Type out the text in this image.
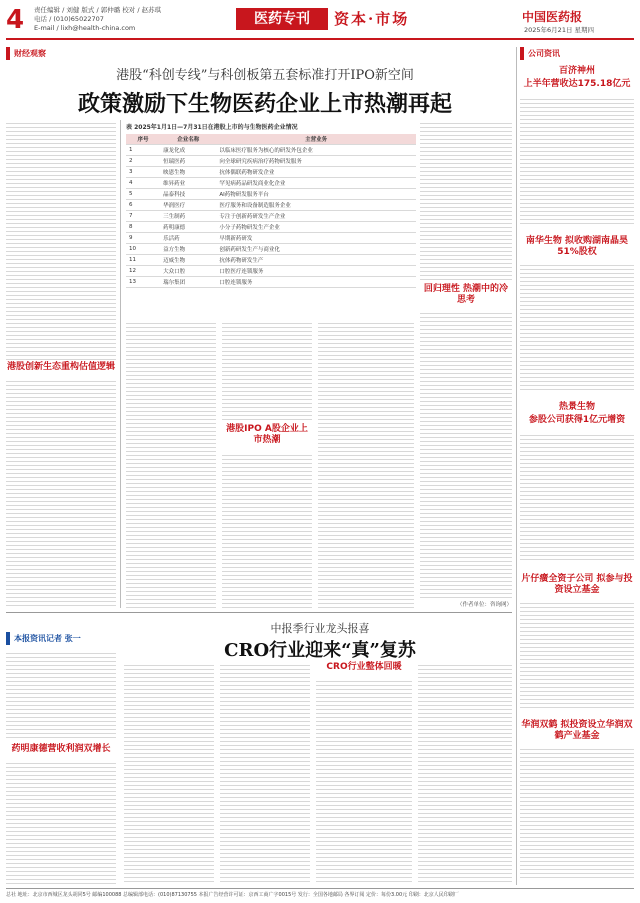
4 责任编辑 / 刘健 版式 / 郭仲璐 校对 / 赵苏琪
电话 / (010)65022707
E-mail / lixh@health-china.com
医药专刊	资本·市场	中国医药报
2025年6月21日 星期四
财经观察	公司资讯
港股“科创专线”与科创板第五套标准打开IPO新空间
政策激励下生物医药企业上市热潮再起
港股创新生态重构估值逻辑
表 2025年1月1日—7月31日在港股上市的与生物医药企业情况
序号	企业名称	主营业务
1	康龙化成	以临床医疗服务为核心的研发外包企业
2	恒瑞医药	向全球研究疾病治疗药物研发服务
3	映恩生物	抗体偶联药物研发企业
4	维昇药业	罕见病药品研发商业化企业
5	晶泰科技	AI药物研发服务平台
6	华润医疗	医疗服务和设备制造服务企业
7	三生制药	专注于创新药研发生产企业
8	药明康德	小分子药物研发生产企业
9	乐活药	早期新药研发
10	益方生物	创新药研发生产与商业化
11	迈威生物	抗体药物研发生产
12	大众口腔	口腔医疗连锁服务
13	瑞尔集团	口腔连锁服务
回归理性 热潮中的冷思考
港股IPO A股企业上市热潮
（作者单位：咨询网）
百济神州
上半年营收达175.18亿元
南华生物 拟收购湖南晶昊51%股权
热景生物
参股公司获得1亿元增资
片仔癀全资子公司 拟参与投资设立基金
华润双鹤 拟投资设立华润双鹤产业基金
本报资讯记者 张一
中报季行业龙头报喜
CRO行业迎来“真”复苏
药明康德营收利润双增长
CRO行业整体回暖
总社 地址：北京市西城区龙头胡同5号 邮编100088 总编辑部电话：(010)87130755 本报广告经营许可证：京西工商广字0015号 发行：全国各地邮局 各界订阅 定价：每份3.00元 印刷：北京人民印刷厂
